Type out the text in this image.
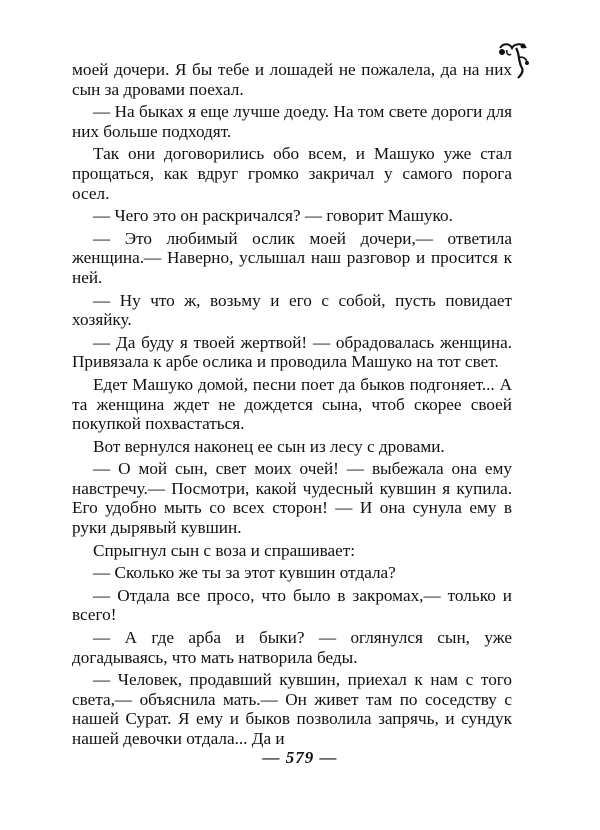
моей дочери. Я бы тебе и лошадей не пожалела, да на них сын за дровами поехал.

— На быках я еще лучше доеду. На том свете дороги для них больше подходят.

Так они договорились обо всем, и Машуко уже стал прощаться, как вдруг громко закричал у самого порога осел.

— Чего это он раскричался? — говорит Машуко.

— Это любимый ослик моей дочери,— ответила женщина.— Наверно, услышал наш разговор и просится к ней.

— Ну что ж, возьму и его с собой, пусть повидает хозяйку.

— Да буду я твоей жертвой! — обрадовалась женщина. Привязала к арбе ослика и проводила Машуко на тот свет.

Едет Машуко домой, песни поет да быков подгоняет... А та женщина ждет не дождется сына, чтоб скорее своей покупкой похвастаться.

Вот вернулся наконец ее сын из лесу с дровами.

— О мой сын, свет моих очей! — выбежала она ему навстречу.— Посмотри, какой чудесный кувшин я купила. Его удобно мыть со всех сторон! — И она сунула ему в руки дырявый кувшин.

Спрыгнул сын с воза и спрашивает:

— Сколько же ты за этот кувшин отдала?

— Отдала все просо, что было в закромах,— только и всего!

— А где арба и быки? — оглянулся сын, уже догадываясь, что мать натворила беды.

— Человек, продавший кувшин, приехал к нам с того света,— объяснила мать.— Он живет там по соседству с нашей Сурат. Я ему и быков позволила запрячь, и сундук нашей девочки отдала... Да и

— 579 —
